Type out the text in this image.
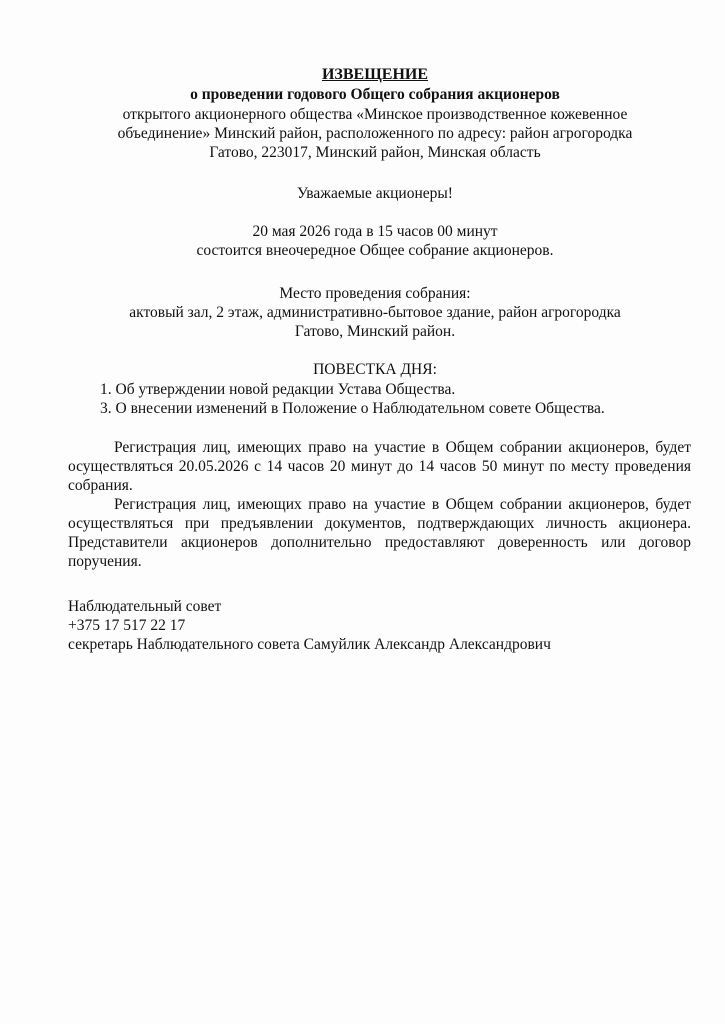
ИЗВЕЩЕНИЕ
о проведении годового Общего собрания акционеров
открытого акционерного общества «Минское производственное кожевенное
объединение» Минский район, расположенного по адресу: район агрогородка
Гатово, 223017, Минский район, Минская область
Уважаемые акционеры!
20 мая 2026 года в 15 часов 00 минут
состоится внеочередное Общее собрание акционеров.
Место проведения собрания:
актовый зал, 2 этаж, административно-бытовое здание, район агрогородка
Гатово, Минский район.
ПОВЕСТКА ДНЯ:
1. Об утверждении новой редакции Устава Общества.
3. О внесении изменений в Положение о Наблюдательном совете Общества.
Регистрация лиц, имеющих право на участие в Общем собрании акционеров, будет осуществляться 20.05.2026 с 14 часов 20 минут до 14 часов 50 минут по месту проведения собрания.
Регистрация лиц, имеющих право на участие в Общем собрании акционеров, будет осуществляться при предъявлении документов, подтверждающих личность акционера. Представители акционеров дополнительно предоставляют доверенность или договор поручения.
Наблюдательный совет
+375 17 517 22 17
секретарь Наблюдательного совета Самуйлик Александр Александрович
